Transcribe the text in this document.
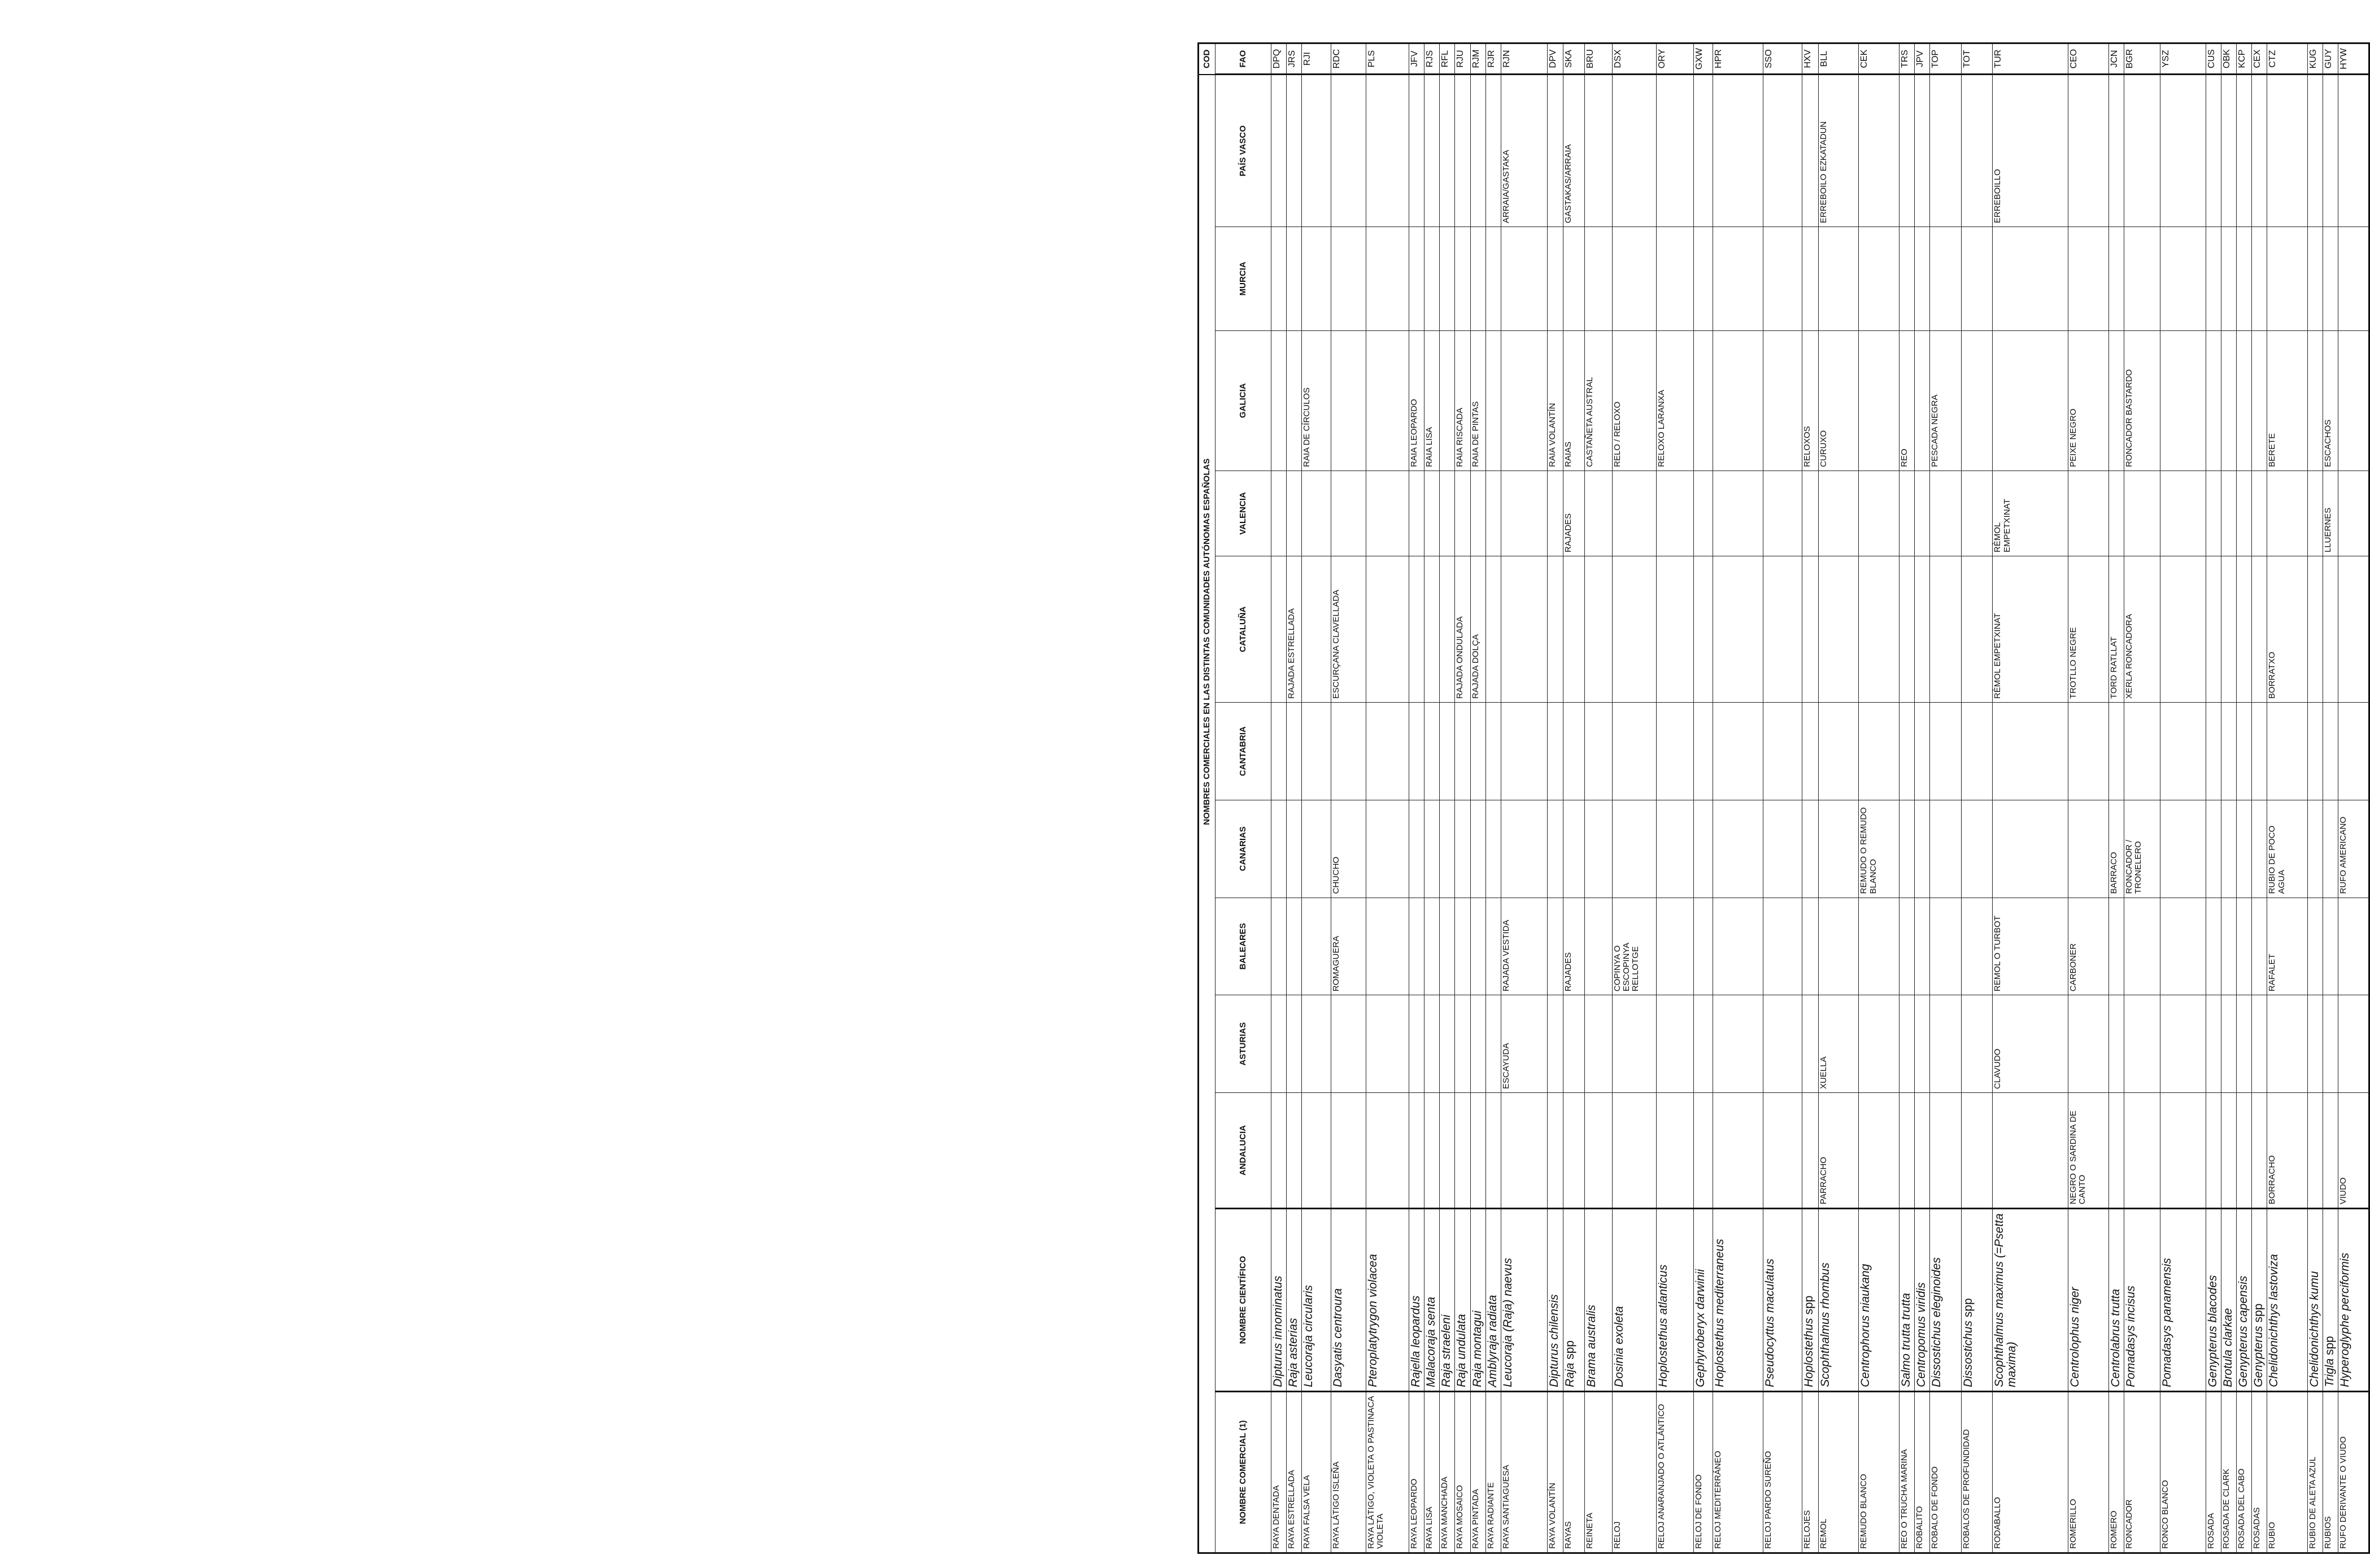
		NOMBRES COMERCIALES EN LAS DISTINTAS COMUNIDADES AUTÓNOMAS ESPAÑOLAS										COD
NOMBRE COMERCIAL (1)	NOMBRE CIENTÍFICO	ANDALUCIA	ASTURIAS	BALEARES	CANARIAS	CANTABRIA	CATALUÑA	VALENCIA	GALICIA	MURCIA	PAÍS VASCO	FAO
RAYA DENTADA	Dipturus innominatus											DPQ
RAYA ESTRELLADA	Raja asterias						RAJADA ESTRELLADA					JRS
RAYA FALSA VELA	Leucoraja circularis								RAIA DE CÍRCULOS			RJI
RAYA LÁTIGO ISLEÑA	Dasyatis centroura			ROMAGUERA	CHUCHO		ESCURÇANA CLAVELLADA					RDC
RAYA LÁTIGO, VIOLETA O PASTINACA VIOLETA	Pteroplatytrygon violacea											PLS
RAYA LEOPARDO	Rajella leopardus								RAIA LEOPARDO			JFV
RAYA LISA	Malacoraja senta								RAIA LISA			RJS
RAYA MANCHADA	Raja straeleni											RFL
RAYA MOSAICO	Raja undulata						RAJADA ONDULADA		RAIA RISCADA			RJU
RAYA PINTADA	Raja montagui						RAJADA DOLÇA		RAIA DE PINTAS			RJM
RAYA RADIANTE	Amblyraja radiata											RJR
RAYA SANTIAGUESA	Leucoraja (Raja) naevus		ESCAYUDA	RAJADA VESTIDA							ARRAIA/GASTAKA	RJN
RAYA VOLANTÍN	Dipturus chilensis								RAIA VOLANTÍN			DPV
RAYAS	Raja spp			RAJADES				RAJADES	RAIAS		GASTAKAS/ARRAIA	SKA
REINETA	Brama australis								CASTAÑETA AUSTRAL			BRU
RELOJ	Dosinia exoleta			COPINYA O ESCOPINYA RELLOTGE					RELO / RELOXO			DSX
RELOJ ANARANJADO O ATLÁNTICO	Hoplostethus atlanticus								RELOXO LARANXA			ORY
RELOJ DE FONDO	Gephyroberyx darwinii											GXW
RELOJ MEDITERRÁNEO	Hoplostethus mediterraneus											HPR
RELOJ PARDO SUREÑO	Pseudocyttus maculatus											SSO
RELOJES	Hoplostethus spp								RELOXOS			HXV
REMOL	Scophthalmus rhombus	PARRACHO	XUELLA						CURUXO		ERREBOILO EZKATADUN	BLL
REMUDO BLANCO	Centrophorus niaukang				REMUDO O REMUDO BLANCO							CEK
REO O TRUCHA MARINA	Salmo trutta trutta								REO			TRS
ROBALITO	Centropomus viridis											JPV
ROBALO DE FONDO	Dissostichus eleginoides								PESCADA NEGRA			TOP
ROBALOS DE PROFUNDIDAD	Dissostichus spp											TOT
RODABALLO	Scophthalmus maximus (=Psetta maxima)		CLAVUDO	REMOL O TURBOT			RÈMOL EMPETXINAT	RÈMOL EMPETXINAT			ERREBOILLO	TUR
ROMERILLO	Centrolophus niger	NEGRO O SARDINA DE CANTO		CARBONER			TROTLLO NEGRE		PEIXE NEGRO			CEO
ROMERO	Centrolabrus trutta				BARRACO		TORD RATLLAT					JCN
RONCADOR	Pomadasys incisus				RONCADOR / TRONELERO		XERLA RONCADORA		RONCADOR BASTARDO			BGR
RONCO BLANCO	Pomadasys panamensis											YSZ
ROSADA	Genypterus blacodes											CUS
ROSADA DE CLARK	Brotula clarkae											OBK
ROSADA DEL CABO	Genypterus capensis											KCP
ROSADAS	Genypterus spp											CEX
RUBIO	Chelidonichthys lastoviza	BORRACHO		RAFALET	RUBIO DE POCO AGUA		BORRATXO		BERETE			CTZ
RUBIO DE ALETA AZUL	Chelidonichthys kumu											KUG
RUBIOS	Trigla spp							LLUERNES	ESCACHOS			GUY
RUFO DERIVANTE O VIUDO	Hyperoglyphe perciformis	VIUDO			RUFO AMERICANO							HYW
